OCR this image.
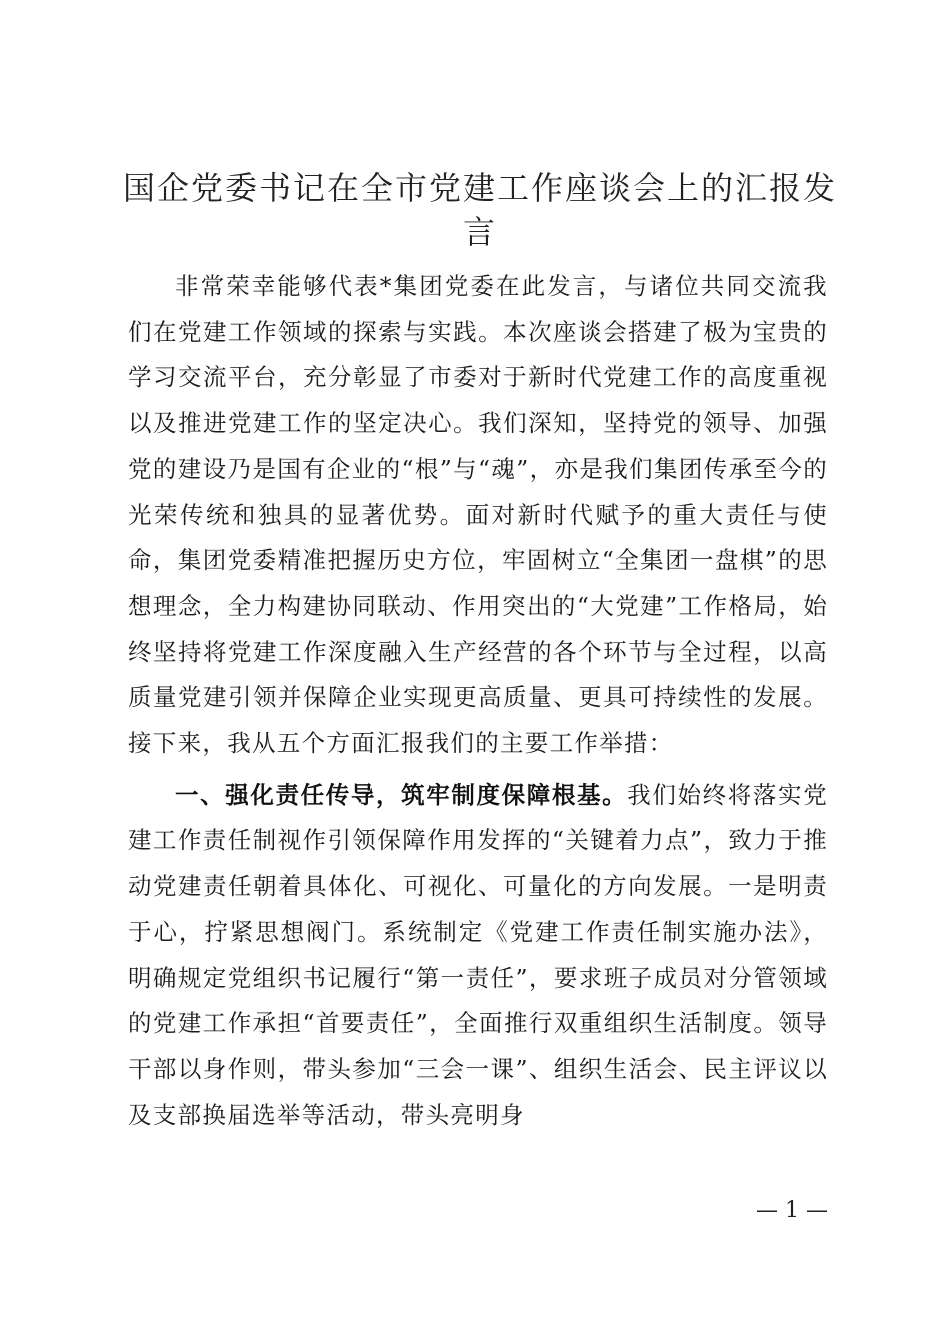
国企党委书记在全市党建工作座谈会上的汇报发言

非常荣幸能够代表*集团党委在此发言，与诸位共同交流我们在党建工作领域的探索与实践。本次座谈会搭建了极为宝贵的学习交流平台，充分彰显了市委对于新时代党建工作的高度重视以及推进党建工作的坚定决心。我们深知，坚持党的领导、加强党的建设乃是国有企业的“根”与“魂”，亦是我们集团传承至今的光荣传统和独具的显著优势。面对新时代赋予的重大责任与使命，集团党委精准把握历史方位，牢固树立“全集团一盘棋”的思想理念，全力构建协同联动、作用突出的“大党建”工作格局，始终坚持将党建工作深度融入生产经营的各个环节与全过程，以高质量党建引领并保障企业实现更高质量、更具可持续性的发展。接下来，我从五个方面汇报我们的主要工作举措：

一、强化责任传导，筑牢制度保障根基。我们始终将落实党建工作责任制视作引领保障作用发挥的“关键着力点”，致力于推动党建责任朝着具体化、可视化、可量化的方向发展。一是明责于心，拧紧思想阀门。系统制定《党建工作责任制实施办法》，明确规定党组织书记履行“第一责任”，要求班子成员对分管领域的党建工作承担“首要责任”，全面推行双重组织生活制度。领导干部以身作则，带头参加“三会一课”、组织生活会、民主评议以及支部换届选举等活动，带头亮明身

— 1 —
